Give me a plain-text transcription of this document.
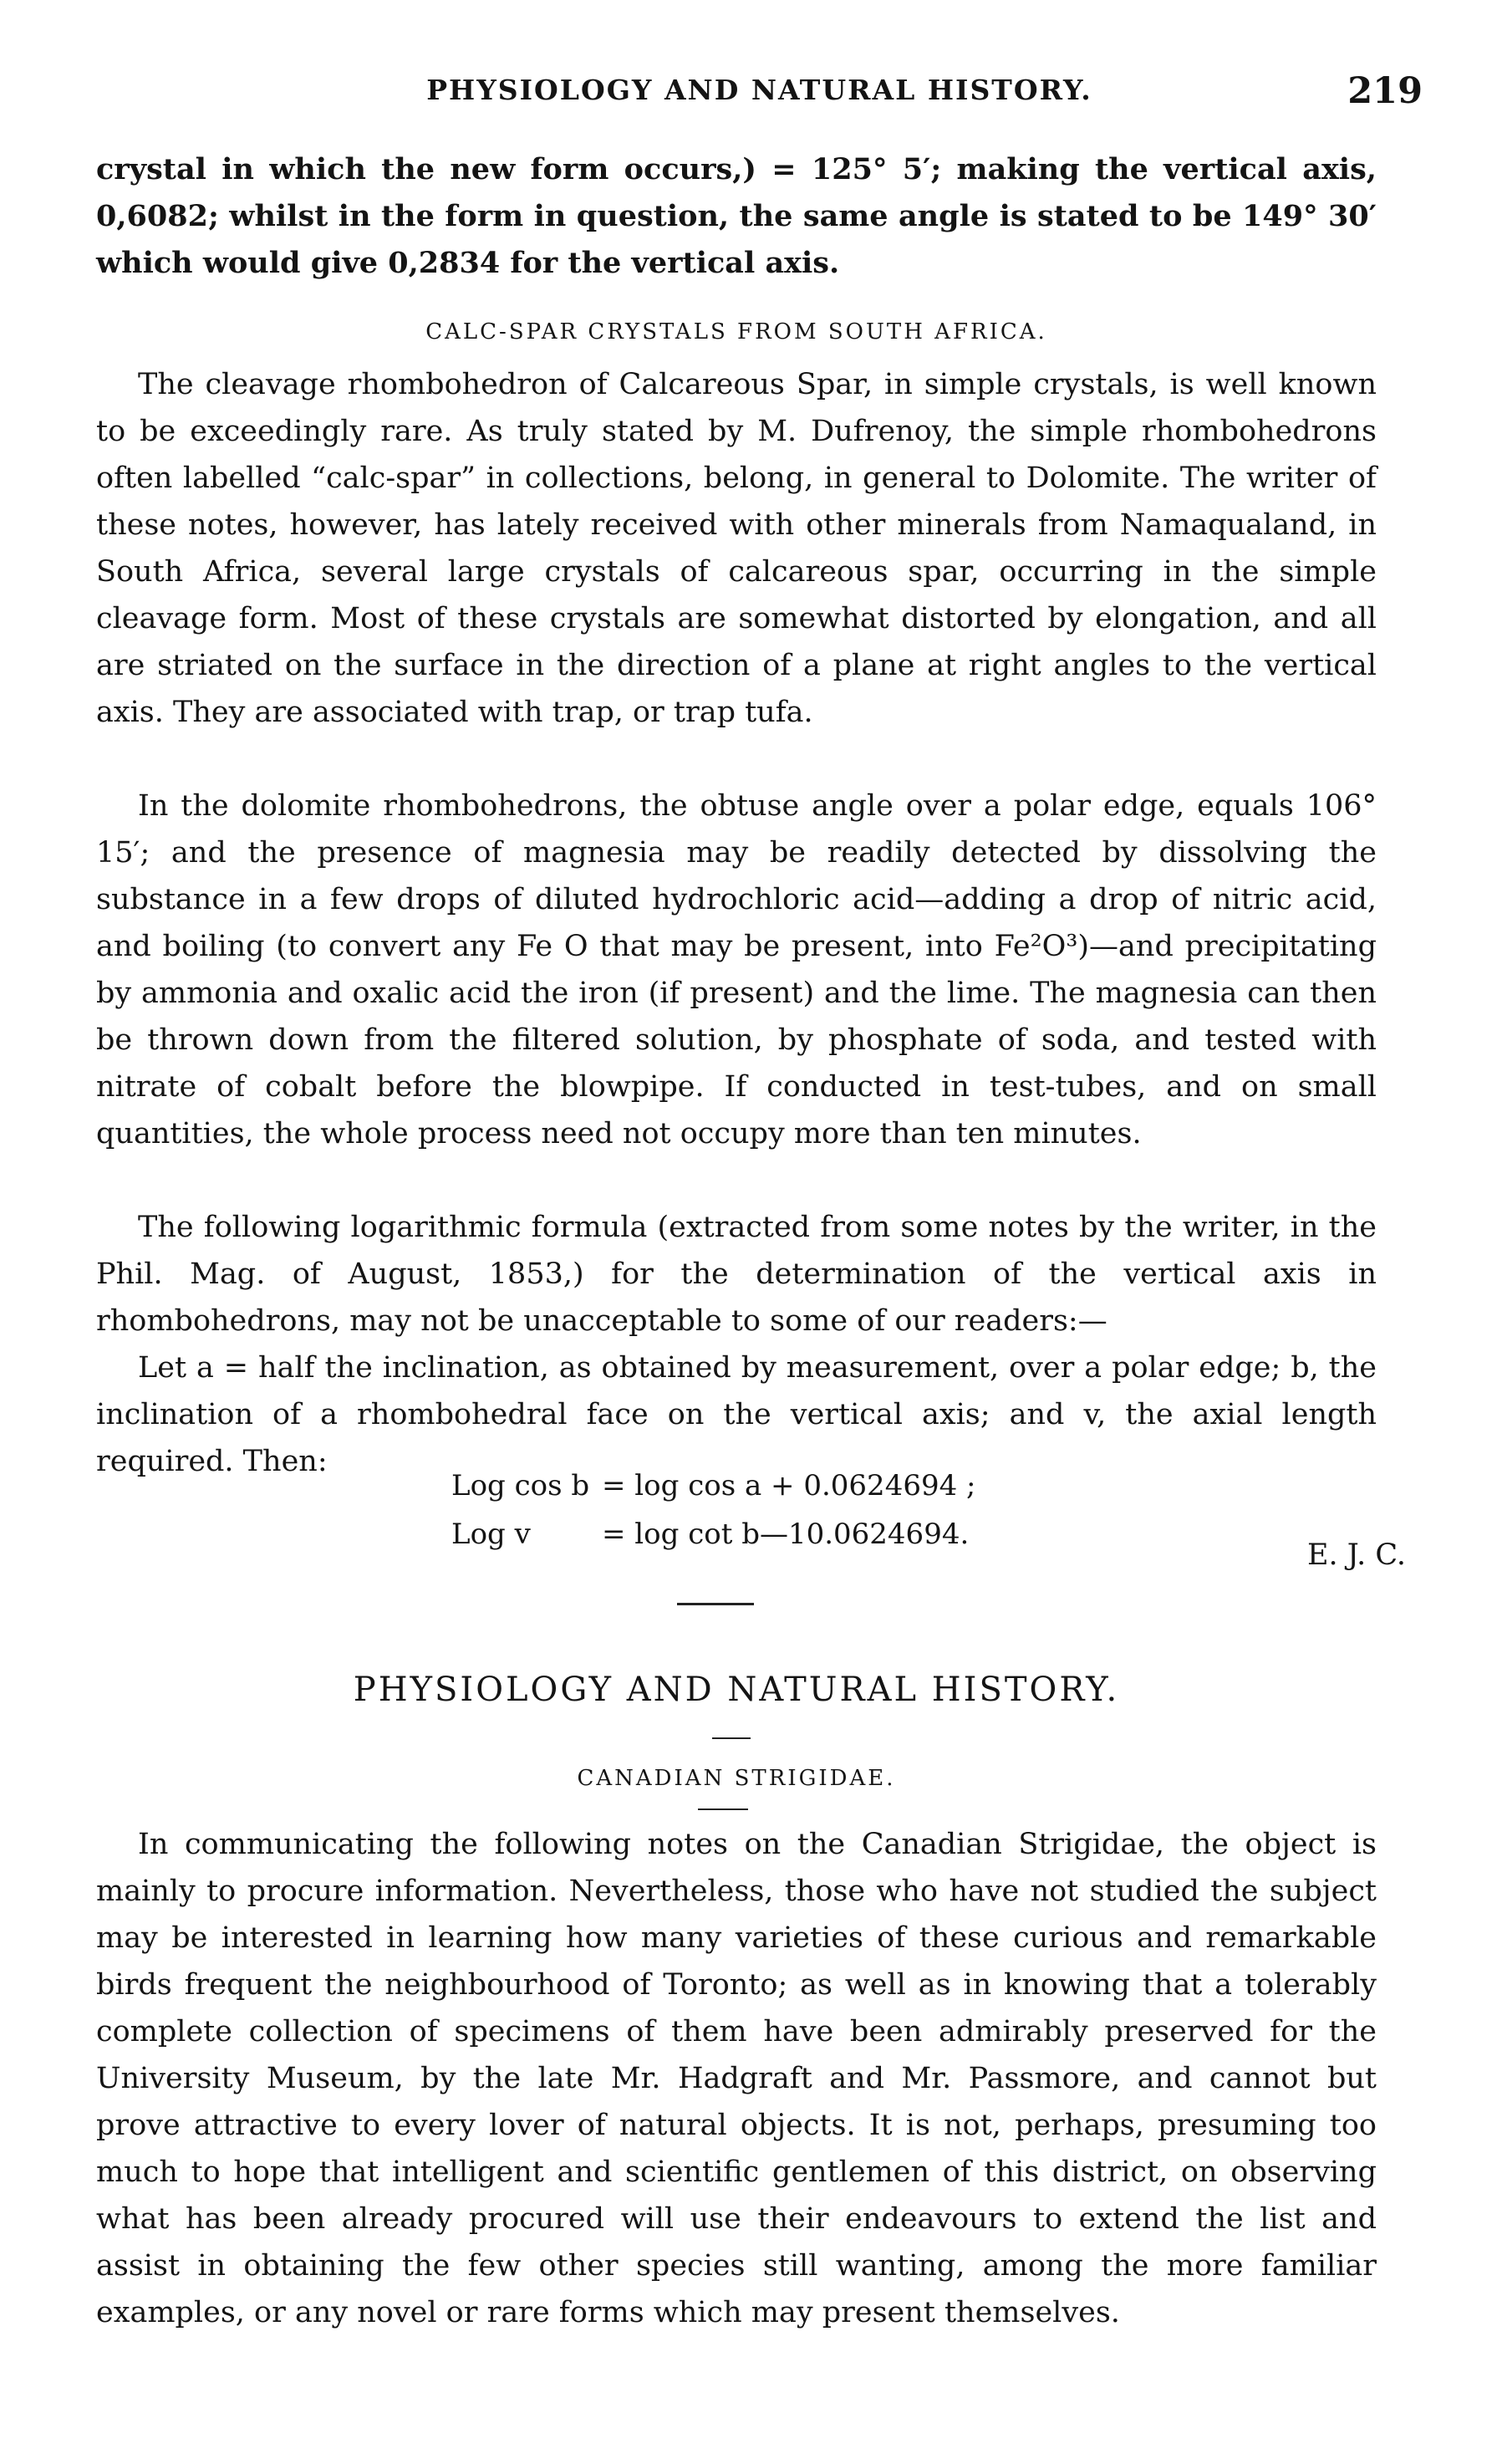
PHYSIOLOGY AND NATURAL HISTORY.	219

crystal in which the new form occurs,) = 125° 5′; making the vertical axis, 0,6082; whilst in the form in question, the same angle is stated to be 149° 30′ which would give 0,2834 for the vertical axis.

CALC-SPAR CRYSTALS FROM SOUTH AFRICA.

The cleavage rhombohedron of Calcareous Spar, in simple crystals, is well known to be exceedingly rare. As truly stated by M. Dufrenoy, the simple rhombohedrons often labelled “calc-spar” in collections, belong, in general to Dolomite. The writer of these notes, however, has lately received with other minerals from Namaqualand, in South Africa, several large crystals of calcareous spar, occurring in the simple cleavage form. Most of these crystals are somewhat distorted by elongation, and all are striated on the surface in the direction of a plane at right angles to the vertical axis. They are associated with trap, or trap tufa.

In the dolomite rhombohedrons, the obtuse angle over a polar edge, equals 106° 15′; and the presence of magnesia may be readily detected by dissolving the substance in a few drops of diluted hydrochloric acid—adding a drop of nitric acid, and boiling (to convert any Fe O that may be present, into Fe²O³)—and precipitating by ammonia and oxalic acid the iron (if present) and the lime. The magnesia can then be thrown down from the filtered solution, by phosphate of soda, and tested with nitrate of cobalt before the blowpipe. If conducted in test-tubes, and on small quantities, the whole process need not occupy more than ten minutes.

The following logarithmic formula (extracted from some notes by the writer, in the Phil. Mag. of August, 1853,) for the determination of the vertical axis in rhombohedrons, may not be unacceptable to some of our readers:—

Let a = half the inclination, as obtained by measurement, over a polar edge; b, the inclination of a rhombohedral face on the vertical axis; and v, the axial length required. Then:

Log cos b = log cos a + 0.0624694 ;
Log v	= log cot b—10.0624694.
E. J. C.

PHYSIOLOGY AND NATURAL HISTORY.

CANADIAN STRIGIDAE.

In communicating the following notes on the Canadian Strigidae, the object is mainly to procure information. Nevertheless, those who have not studied the subject may be interested in learning how many varieties of these curious and remarkable birds frequent the neighbourhood of Toronto; as well as in knowing that a tolerably complete collection of specimens of them have been admirably preserved for the University Museum, by the late Mr. Hadgraft and Mr. Passmore, and cannot but prove attractive to every lover of natural objects. It is not, perhaps, presuming too much to hope that intelligent and scientific gentlemen of this district, on observing what has been already procured will use their endeavours to extend the list and assist in obtaining the few other species still wanting, among the more familiar examples, or any novel or rare forms which may present themselves.
